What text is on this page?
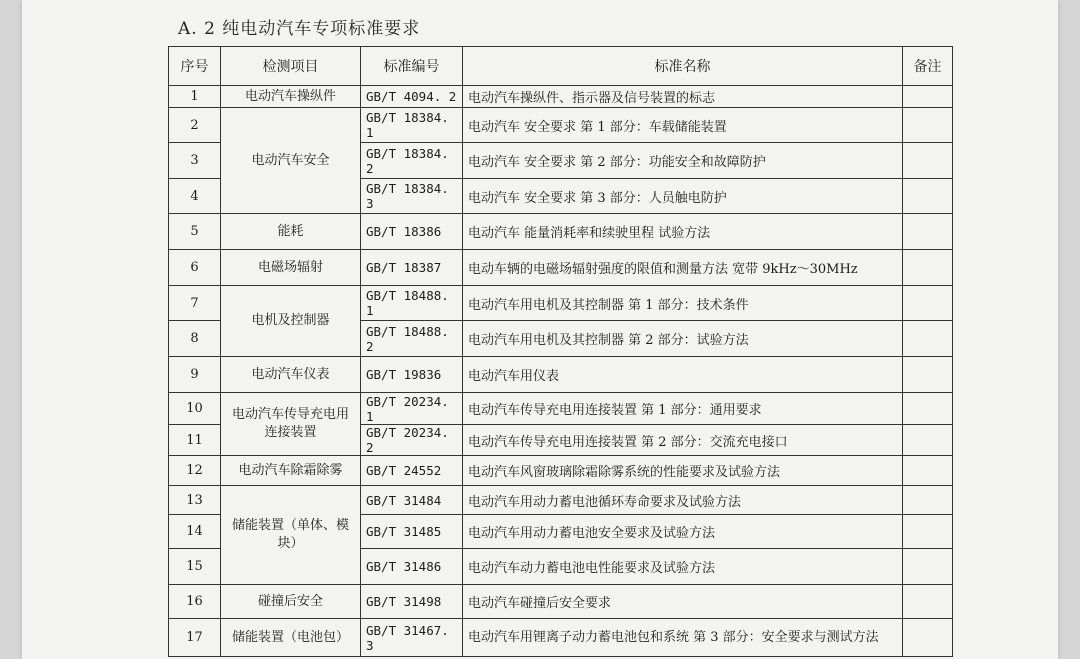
A. 2 纯电动汽车专项标准要求
序号	检测项目	标准编号	标准名称	备注
1	电动汽车操纵件	GB/T 4094. 2	电动汽车操纵件、指示器及信号装置的标志	
2	电动汽车安全	GB/T 18384. 1	电动汽车 安全要求 第 1 部分：车载储能装置	
3		GB/T 18384. 2	电动汽车 安全要求 第 2 部分：功能安全和故障防护	
4		GB/T 18384. 3	电动汽车 安全要求 第 3 部分：人员触电防护	
5	能耗	GB/T 18386	电动汽车 能量消耗率和续驶里程 试验方法	
6	电磁场辐射	GB/T 18387	电动车辆的电磁场辐射强度的限值和测量方法 宽带 9kHz～30MHz	
7	电机及控制器	GB/T 18488. 1	电动汽车用电机及其控制器 第 1 部分：技术条件	
8		GB/T 18488. 2	电动汽车用电机及其控制器 第 2 部分：试验方法	
9	电动汽车仪表	GB/T 19836	电动汽车用仪表	
10	电动汽车传导充电用连接装置	GB/T 20234. 1	电动汽车传导充电用连接装置 第 1 部分：通用要求	
11		GB/T 20234. 2	电动汽车传导充电用连接装置 第 2 部分：交流充电接口	
12	电动汽车除霜除雾	GB/T 24552	电动汽车风窗玻璃除霜除雾系统的性能要求及试验方法	
13	储能装置（单体、模块）	GB/T 31484	电动汽车用动力蓄电池循环寿命要求及试验方法	
14		GB/T 31485	电动汽车用动力蓄电池安全要求及试验方法	
15		GB/T 31486	电动汽车动力蓄电池电性能要求及试验方法	
16	碰撞后安全	GB/T 31498	电动汽车碰撞后安全要求	
17	储能装置（电池包）	GB/T 31467. 3	电动汽车用锂离子动力蓄电池包和系统 第 3 部分：安全要求与测试方法	
